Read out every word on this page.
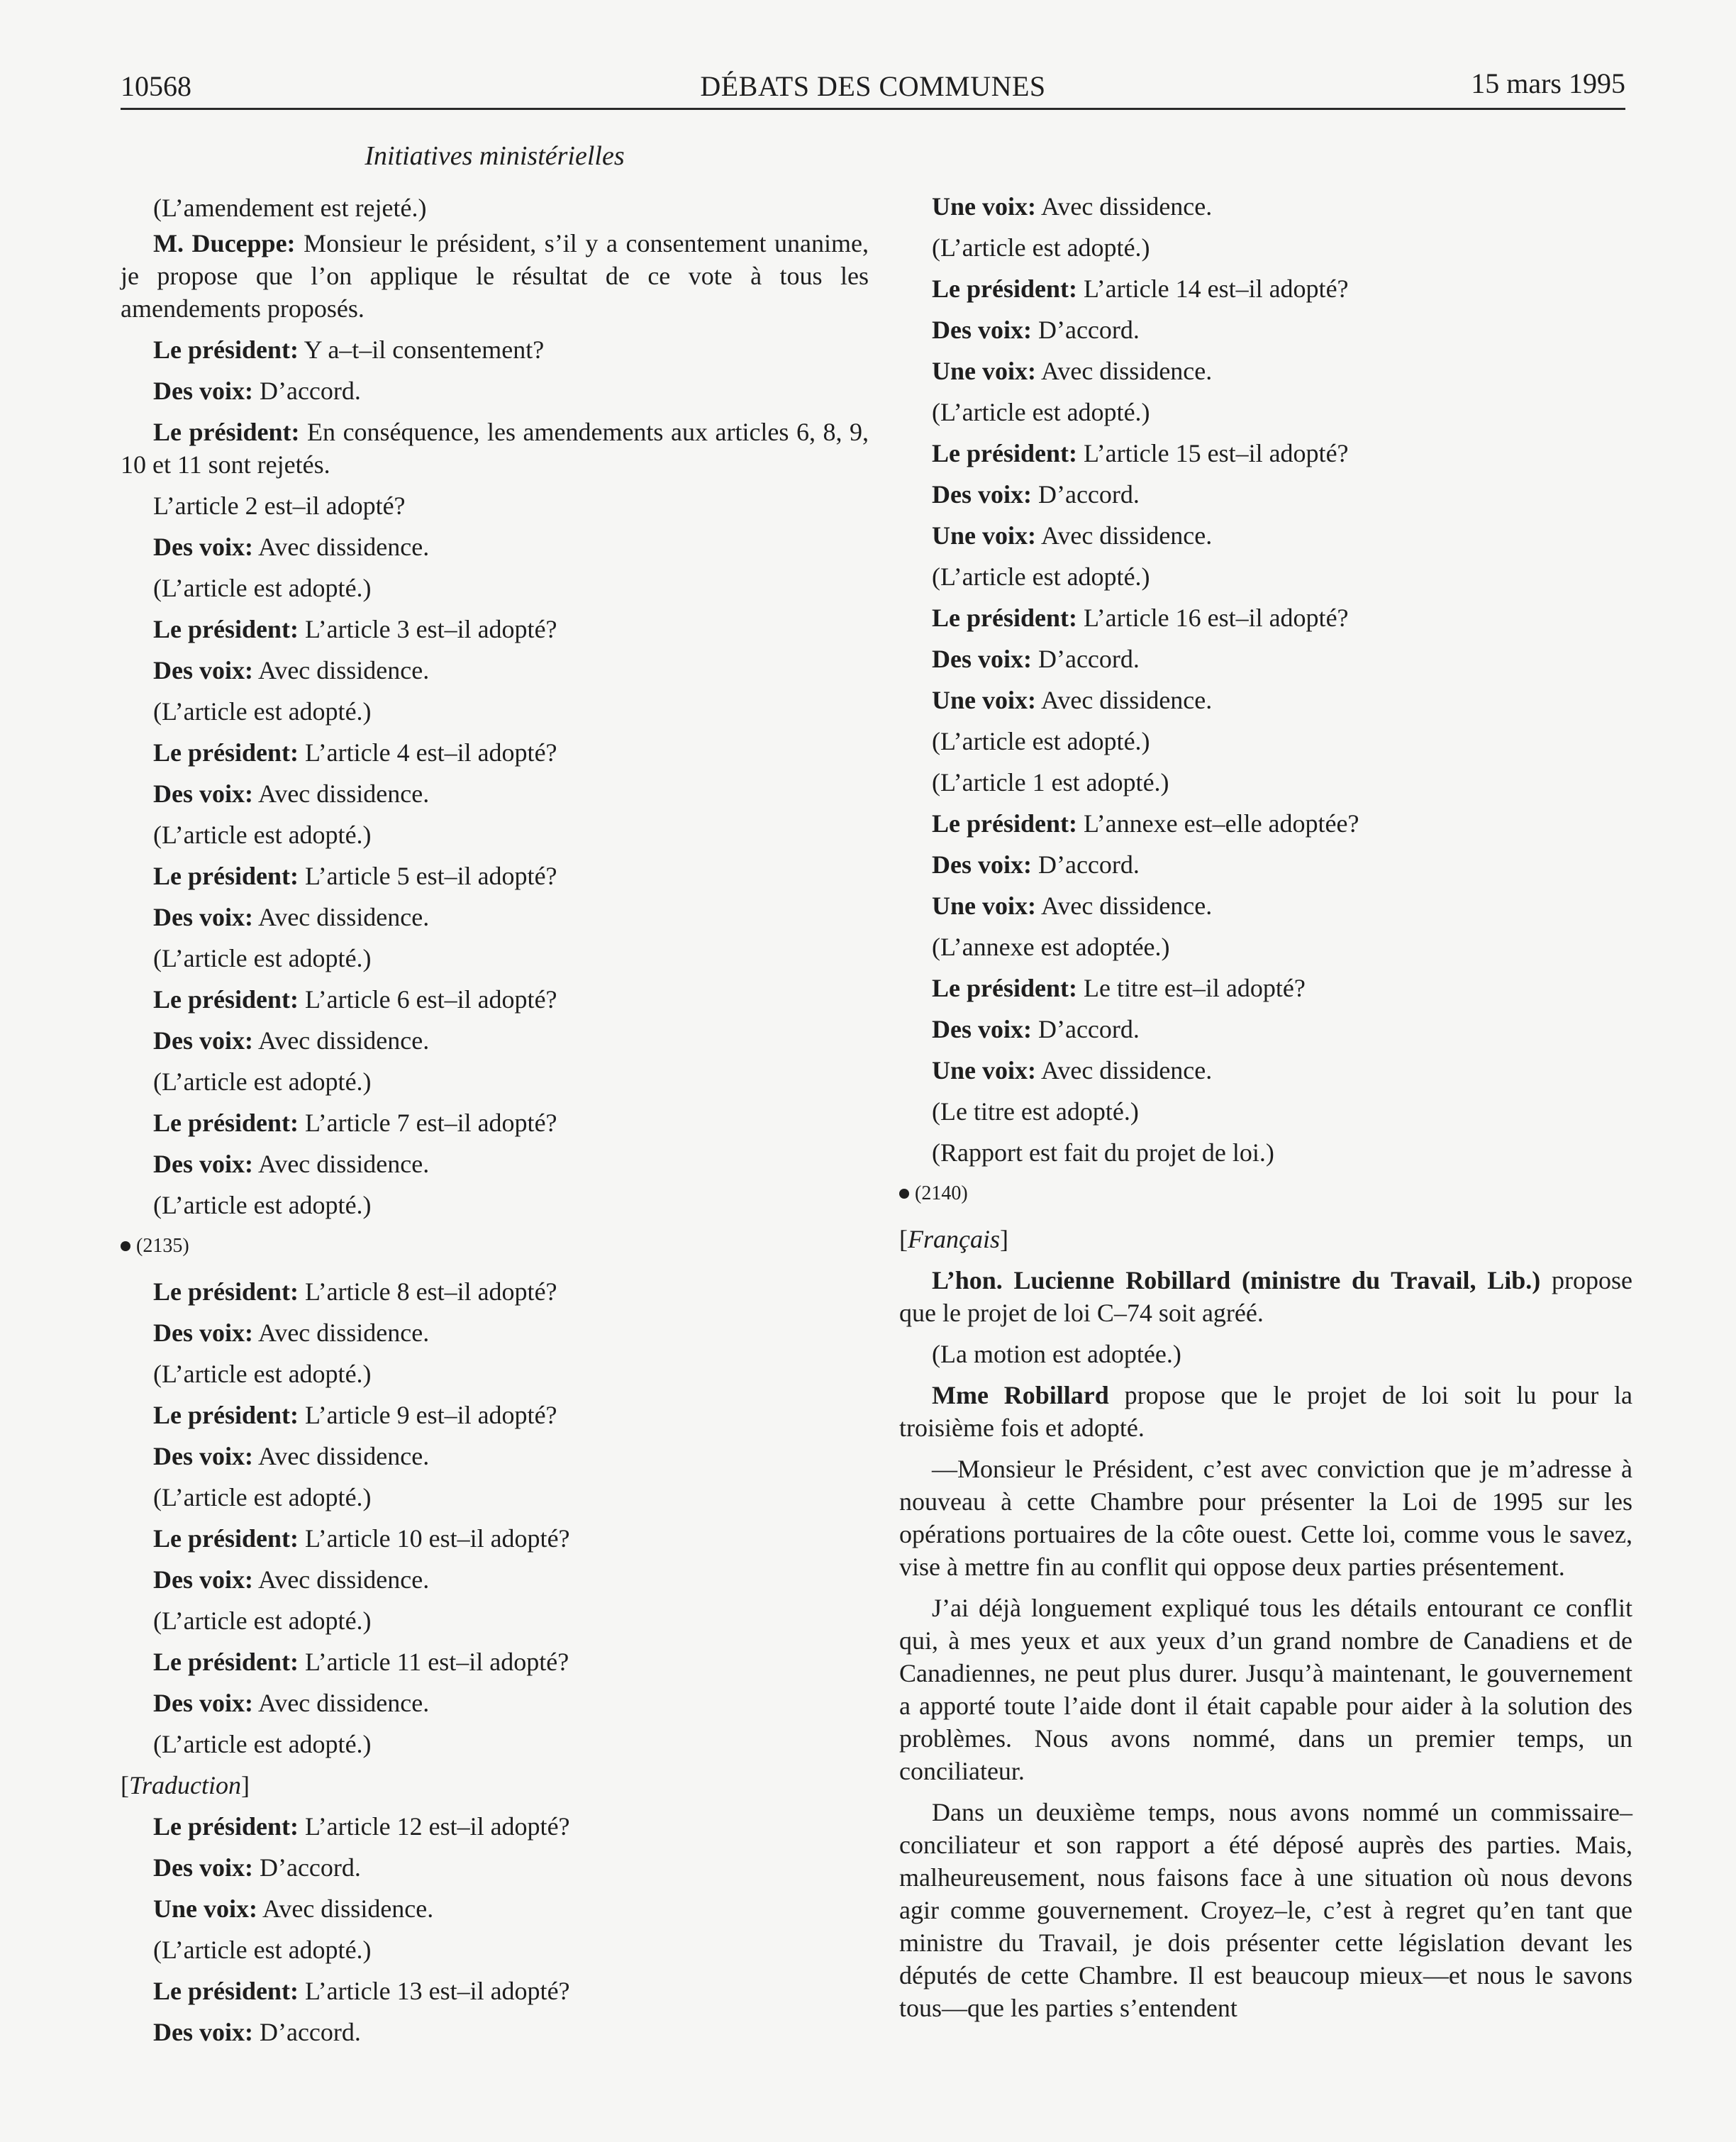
10568	DÉBATS DES COMMUNES	15 mars 1995
Initiatives ministérielles

(L’amendement est rejeté.)

M. Duceppe: Monsieur le président, s’il y a consentement unanime, je propose que l’on applique le résultat de ce vote à tous les amendements proposés.

Le président: Y a–t–il consentement?

Des voix: D’accord.

Le président: En conséquence, les amendements aux articles 6, 8, 9, 10 et 11 sont rejetés.

L’article 2 est–il adopté?

Des voix: Avec dissidence.

(L’article est adopté.)

Le président: L’article 3 est–il adopté?

Des voix: Avec dissidence.

(L’article est adopté.)

Le président: L’article 4 est–il adopté?

Des voix: Avec dissidence.

(L’article est adopté.)

Le président: L’article 5 est–il adopté?

Des voix: Avec dissidence.

(L’article est adopté.)

Le président: L’article 6 est–il adopté?

Des voix: Avec dissidence.

(L’article est adopté.)

Le président: L’article 7 est–il adopté?

Des voix: Avec dissidence.

(L’article est adopté.)

(2135)

Le président: L’article 8 est–il adopté?

Des voix: Avec dissidence.

(L’article est adopté.)

Le président: L’article 9 est–il adopté?

Des voix: Avec dissidence.

(L’article est adopté.)

Le président: L’article 10 est–il adopté?

Des voix: Avec dissidence.

(L’article est adopté.)

Le président: L’article 11 est–il adopté?

Des voix: Avec dissidence.

(L’article est adopté.)

[Traduction]

Le président: L’article 12 est–il adopté?

Des voix: D’accord.

Une voix: Avec dissidence.

(L’article est adopté.)

Le président: L’article 13 est–il adopté?

Des voix: D’accord.

Une voix: Avec dissidence.

(L’article est adopté.)

Le président: L’article 14 est–il adopté?

Des voix: D’accord.

Une voix: Avec dissidence.

(L’article est adopté.)

Le président: L’article 15 est–il adopté?

Des voix: D’accord.

Une voix: Avec dissidence.

(L’article est adopté.)

Le président: L’article 16 est–il adopté?

Des voix: D’accord.

Une voix: Avec dissidence.

(L’article est adopté.)

(L’article 1 est adopté.)

Le président: L’annexe est–elle adoptée?

Des voix: D’accord.

Une voix: Avec dissidence.

(L’annexe est adoptée.)

Le président: Le titre est–il adopté?

Des voix: D’accord.

Une voix: Avec dissidence.

(Le titre est adopté.)

(Rapport est fait du projet de loi.)

(2140)

[Français]

L’hon. Lucienne Robillard (ministre du Travail, Lib.) propose que le projet de loi C–74 soit agréé.

(La motion est adoptée.)

Mme Robillard propose que le projet de loi soit lu pour la troisième fois et adopté.

—Monsieur le Président, c’est avec conviction que je m’adresse à nouveau à cette Chambre pour présenter la Loi de 1995 sur les opérations portuaires de la côte ouest. Cette loi, comme vous le savez, vise à mettre fin au conflit qui oppose deux parties présentement.

J’ai déjà longuement expliqué tous les détails entourant ce conflit qui, à mes yeux et aux yeux d’un grand nombre de Canadiens et de Canadiennes, ne peut plus durer. Jusqu’à maintenant, le gouvernement a apporté toute l’aide dont il était capable pour aider à la solution des problèmes. Nous avons nommé, dans un premier temps, un conciliateur.

Dans un deuxième temps, nous avons nommé un commissaire–conciliateur et son rapport a été déposé auprès des parties. Mais, malheureusement, nous faisons face à une situation où nous devons agir comme gouvernement. Croyez–le, c’est à regret qu’en tant que ministre du Travail, je dois présenter cette législation devant les députés de cette Chambre. Il est beaucoup mieux—et nous le savons tous—que les parties s’entendent
